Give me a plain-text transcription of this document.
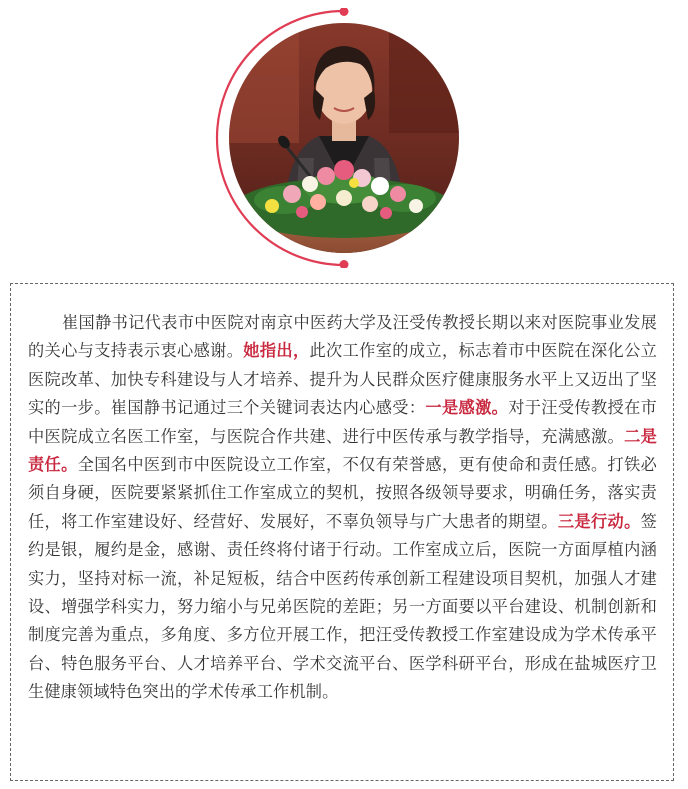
崔国静书记代表市中医院对南京中医药大学及汪受传教授长期以来对医院事业发展的关心与支持表示衷心感谢。她指出，此次工作室的成立，标志着市中医院在深化公立医院改革、加快专科建设与人才培养、提升为人民群众医疗健康服务水平上又迈出了坚实的一步。崔国静书记通过三个关键词表达内心感受：一是感激。对于汪受传教授在市中医院成立名医工作室，与医院合作共建、进行中医传承与教学指导，充满感激。二是责任。全国名中医到市中医院设立工作室，不仅有荣誉感，更有使命和责任感。打铁必须自身硬，医院要紧紧抓住工作室成立的契机，按照各级领导要求，明确任务，落实责任，将工作室建设好、经营好、发展好，不辜负领导与广大患者的期望。三是行动。签约是银，履约是金，感谢、责任终将付诸于行动。工作室成立后，医院一方面厚植内涵实力，坚持对标一流，补足短板，结合中医药传承创新工程建设项目契机，加强人才建设、增强学科实力，努力缩小与兄弟医院的差距；另一方面要以平台建设、机制创新和制度完善为重点，多角度、多方位开展工作，把汪受传教授工作室建设成为学术传承平台、特色服务平台、人才培养平台、学术交流平台、医学科研平台，形成在盐城医疗卫生健康领域特色突出的学术传承工作机制。
